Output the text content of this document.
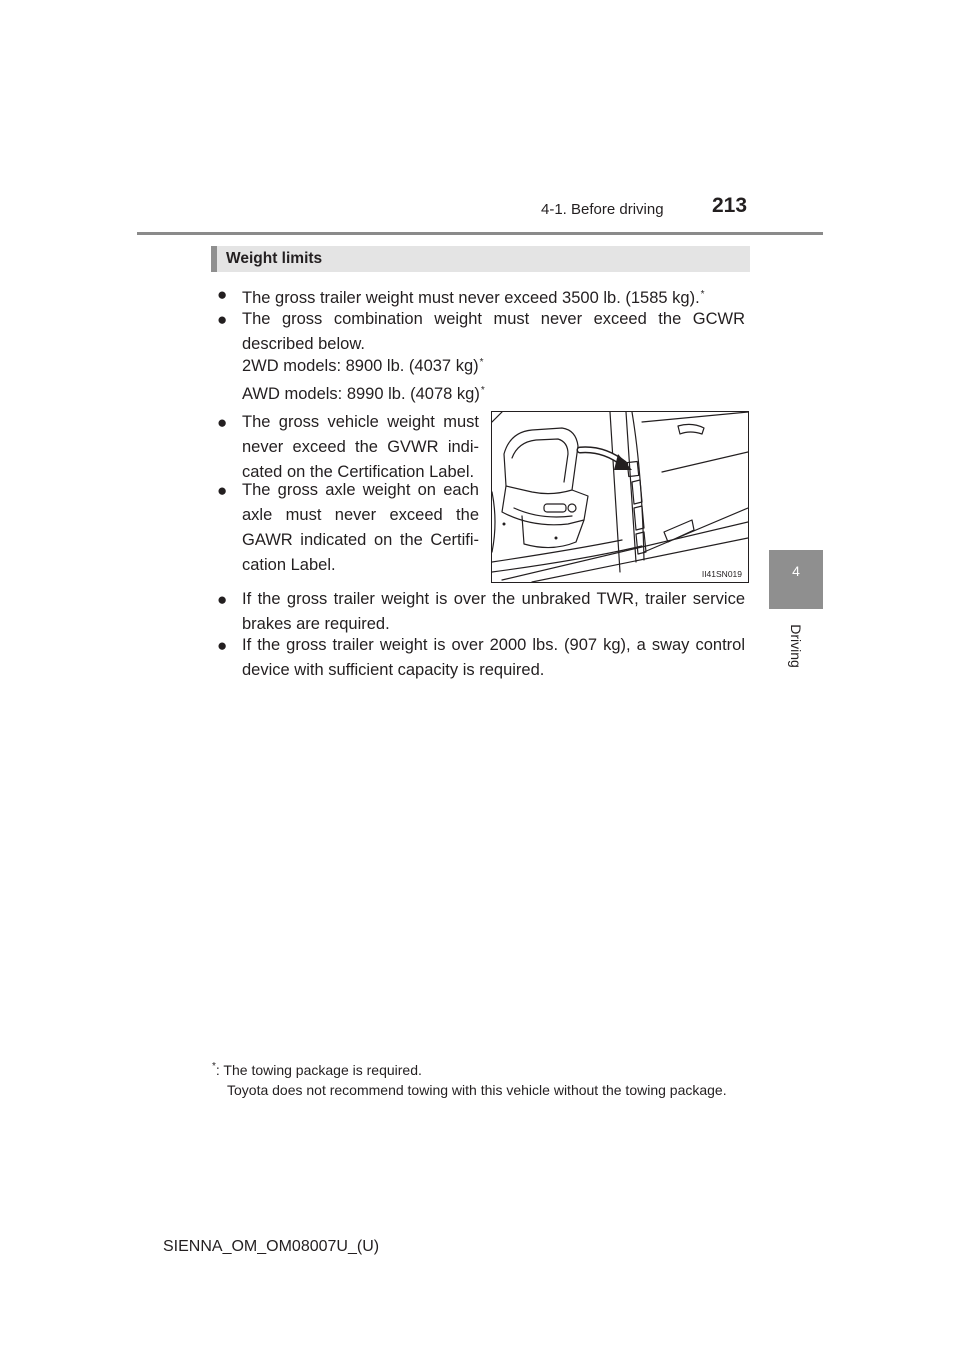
4-1. Before driving 213
4
Driving
Weight limits
● The gross trailer weight must never exceed 3500 lb. (1585 kg).*
● The gross combination weight must never exceed the GCWR described below.
2WD models: 8900 lb. (4037 kg)*
AWD models: 8990 lb. (4078 kg)*
● The gross vehicle weight must never exceed the GVWR indi-cated on the Certification Label.
● The gross axle weight on each axle must never exceed the GAWR indicated on the Certifi-cation Label.	II41SN019
● If the gross trailer weight is over the unbraked TWR, trailer service brakes are required.
● If the gross trailer weight is over 2000 lbs. (907 kg), a sway control device with sufficient capacity is required.
*: The towing package is required.
Toyota does not recommend towing with this vehicle without the towing package.
SIENNA_OM_OM08007U_(U)
